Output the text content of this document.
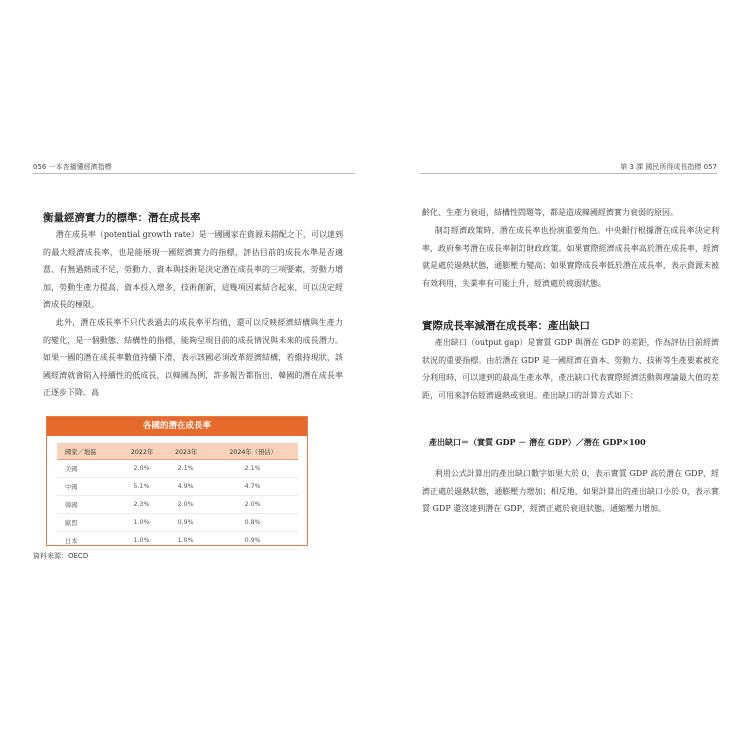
056 一本杏播懂經濟指標
衡量經濟實力的標準：潛在成長率

潛在成長率（potential growth rate）是一國國家在資源未錯配之下，可以達到的最大經濟成長率，也是能展現一國經濟實力的指標，評估目前的成長水準是否適當、有無過熱或不足，勞動力、資本與技術是決定潛在成長率的三項要素，勞動力增加，勞動生產力提高，資本投入增多，技術創新，這幾項因素結合起來，可以決定經濟成長的極限。

此外，潛在成長率不只代表過去的成長率平均值，還可以反映經濟結構與生產力的變化，是一個動態、結構性的指標，能夠呈現目前的成長情況與未來的成長潛力。如果一國的潛在成長率數值持續下滑，表示該國必須改革經濟結構，若維持現狀，該國經濟就會陷入持續性的低成長，以韓國為例，許多報告都指出，韓國的潛在成長率正逐步下降。高

各國的潛在成長率
國家／地區	2022年	2023年	2024年（預估）
美國	2.0%	2.1%	2.1%
中國	5.1%	4.9%	4.7%
韓國	2.3%	2.0%	2.0%
歐盟	1.0%	0.9%	0.8%
日本	1.0%	1.0%	0.9%
資料來源：OECD
第 3 課 國民所得成長指標 057

齡化、生產力衰退，結構性問題等，都是造成韓國經濟實力衰弱的原因。

制訂經濟政策時，潛在成長率也扮演重要角色。中央銀行根據潛在成長率決定利率，政府參考潛在成長率制訂財政政策。如果實際經濟成長率高於潛在成長率，經濟就是處於過熱狀態，通膨壓力變高；如果實際成長率低於潛在成長率，表示資源未被有效利用，失業率有可能上升，經濟處於疲弱狀態。

實際成長率減潛在成長率：產出缺口

產出缺口（output gap）是實質 GDP 與潛在 GDP 的差距，作為評估目前經濟狀況的重要指標。由於潛在 GDP 是一國經濟在資本、勞動力、技術等生產要素被充分利用時，可以達到的最高生產水準，產出缺口代表實際經濟活動與理論最大值的差距，可用來評估經濟過熱或衰退。產出缺口的計算方式如下：

產出缺口＝（實質 GDP － 潛在 GDP）／潛在 GDP×100

利用公式計算出的產出缺口數字如果大於 0，表示實質 GDP 高於潛在 GDP，經濟正處於過熱狀態，通膨壓力增加；相反地，如果計算出的產出缺口小於 0，表示實質 GDP 還沒達到潛在 GDP，經濟正處於衰退狀態，通縮壓力增加。
